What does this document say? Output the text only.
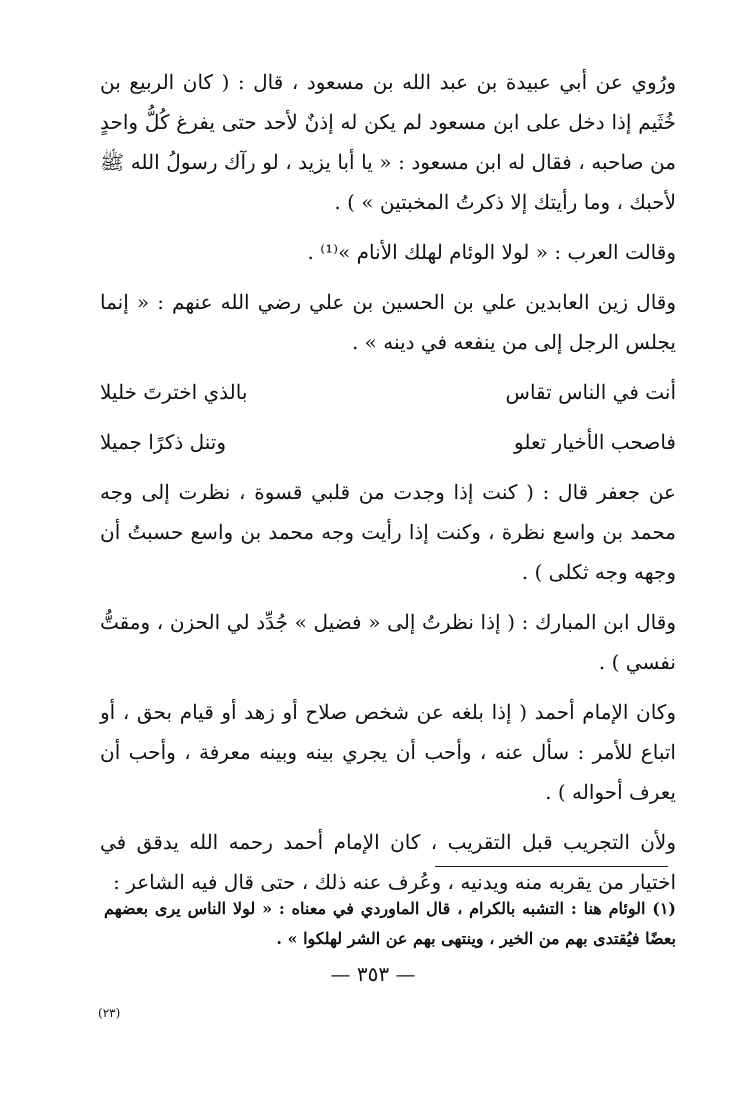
ورُوي عن أبي عبيدة بن عبد الله بن مسعود ، قال : ( كان الربيع بن خُثَيم إذا دخل على ابن مسعود لم يكن له إذنٌ لأحد حتى يفرغ كُلُّ واحدٍ من صاحبه ، فقال له ابن مسعود : « يا أبا يزيد ، لو رآك رسولُ الله ﷺ لأحبك ، وما رأيتك إلا ذكرتُ المخبتين » ) .

وقالت العرب : « لولا الوئام لهلك الأنام »⁽¹⁾ .

وقال زين العابدين علي بن الحسين بن علي رضي الله عنهم : « إنما يجلس الرجل إلى من ينفعه في دينه » .

أنت في الناس تقاس
بالذي اخترتَ خليلا
فاصحب الأخيار تعلو
وتنل ذكرًا جميلا

عن جعفر قال : ( كنت إذا وجدت من قلبي قسوة ، نظرت إلى وجه محمد بن واسع نظرة ، وكنت إذا رأيت وجه محمد بن واسع حسبتُ أن وجهه وجه ثكلى ) .

وقال ابن المبارك : ( إذا نظرتُ إلى « فضيل » جُدِّد لي الحزن ، ومقتُّ نفسي ) .

وكان الإمام أحمد ( إذا بلغه عن شخص صلاح أو زهد أو قيام بحق ، أو اتباع للأمر : سأل عنه ، وأحب أن يجري بينه وبينه معرفة ، وأحب أن يعرف أحواله ) .

ولأن التجريب قبل التقريب ، كان الإمام أحمد رحمه الله يدقق في اختيار من يقربه منه ويدنيه ، وعُرف عنه ذلك ، حتى قال فيه الشاعر :

(١) الوئام هنا : التشبه بالكرام ، قال الماوردي في معناه : « لولا الناس يرى بعضهم بعضًا فيُقتدى بهم من الخير ، وينتهى بهم عن الشر لهلكوا » .

— ٣٥٣ —
(٢٣)
